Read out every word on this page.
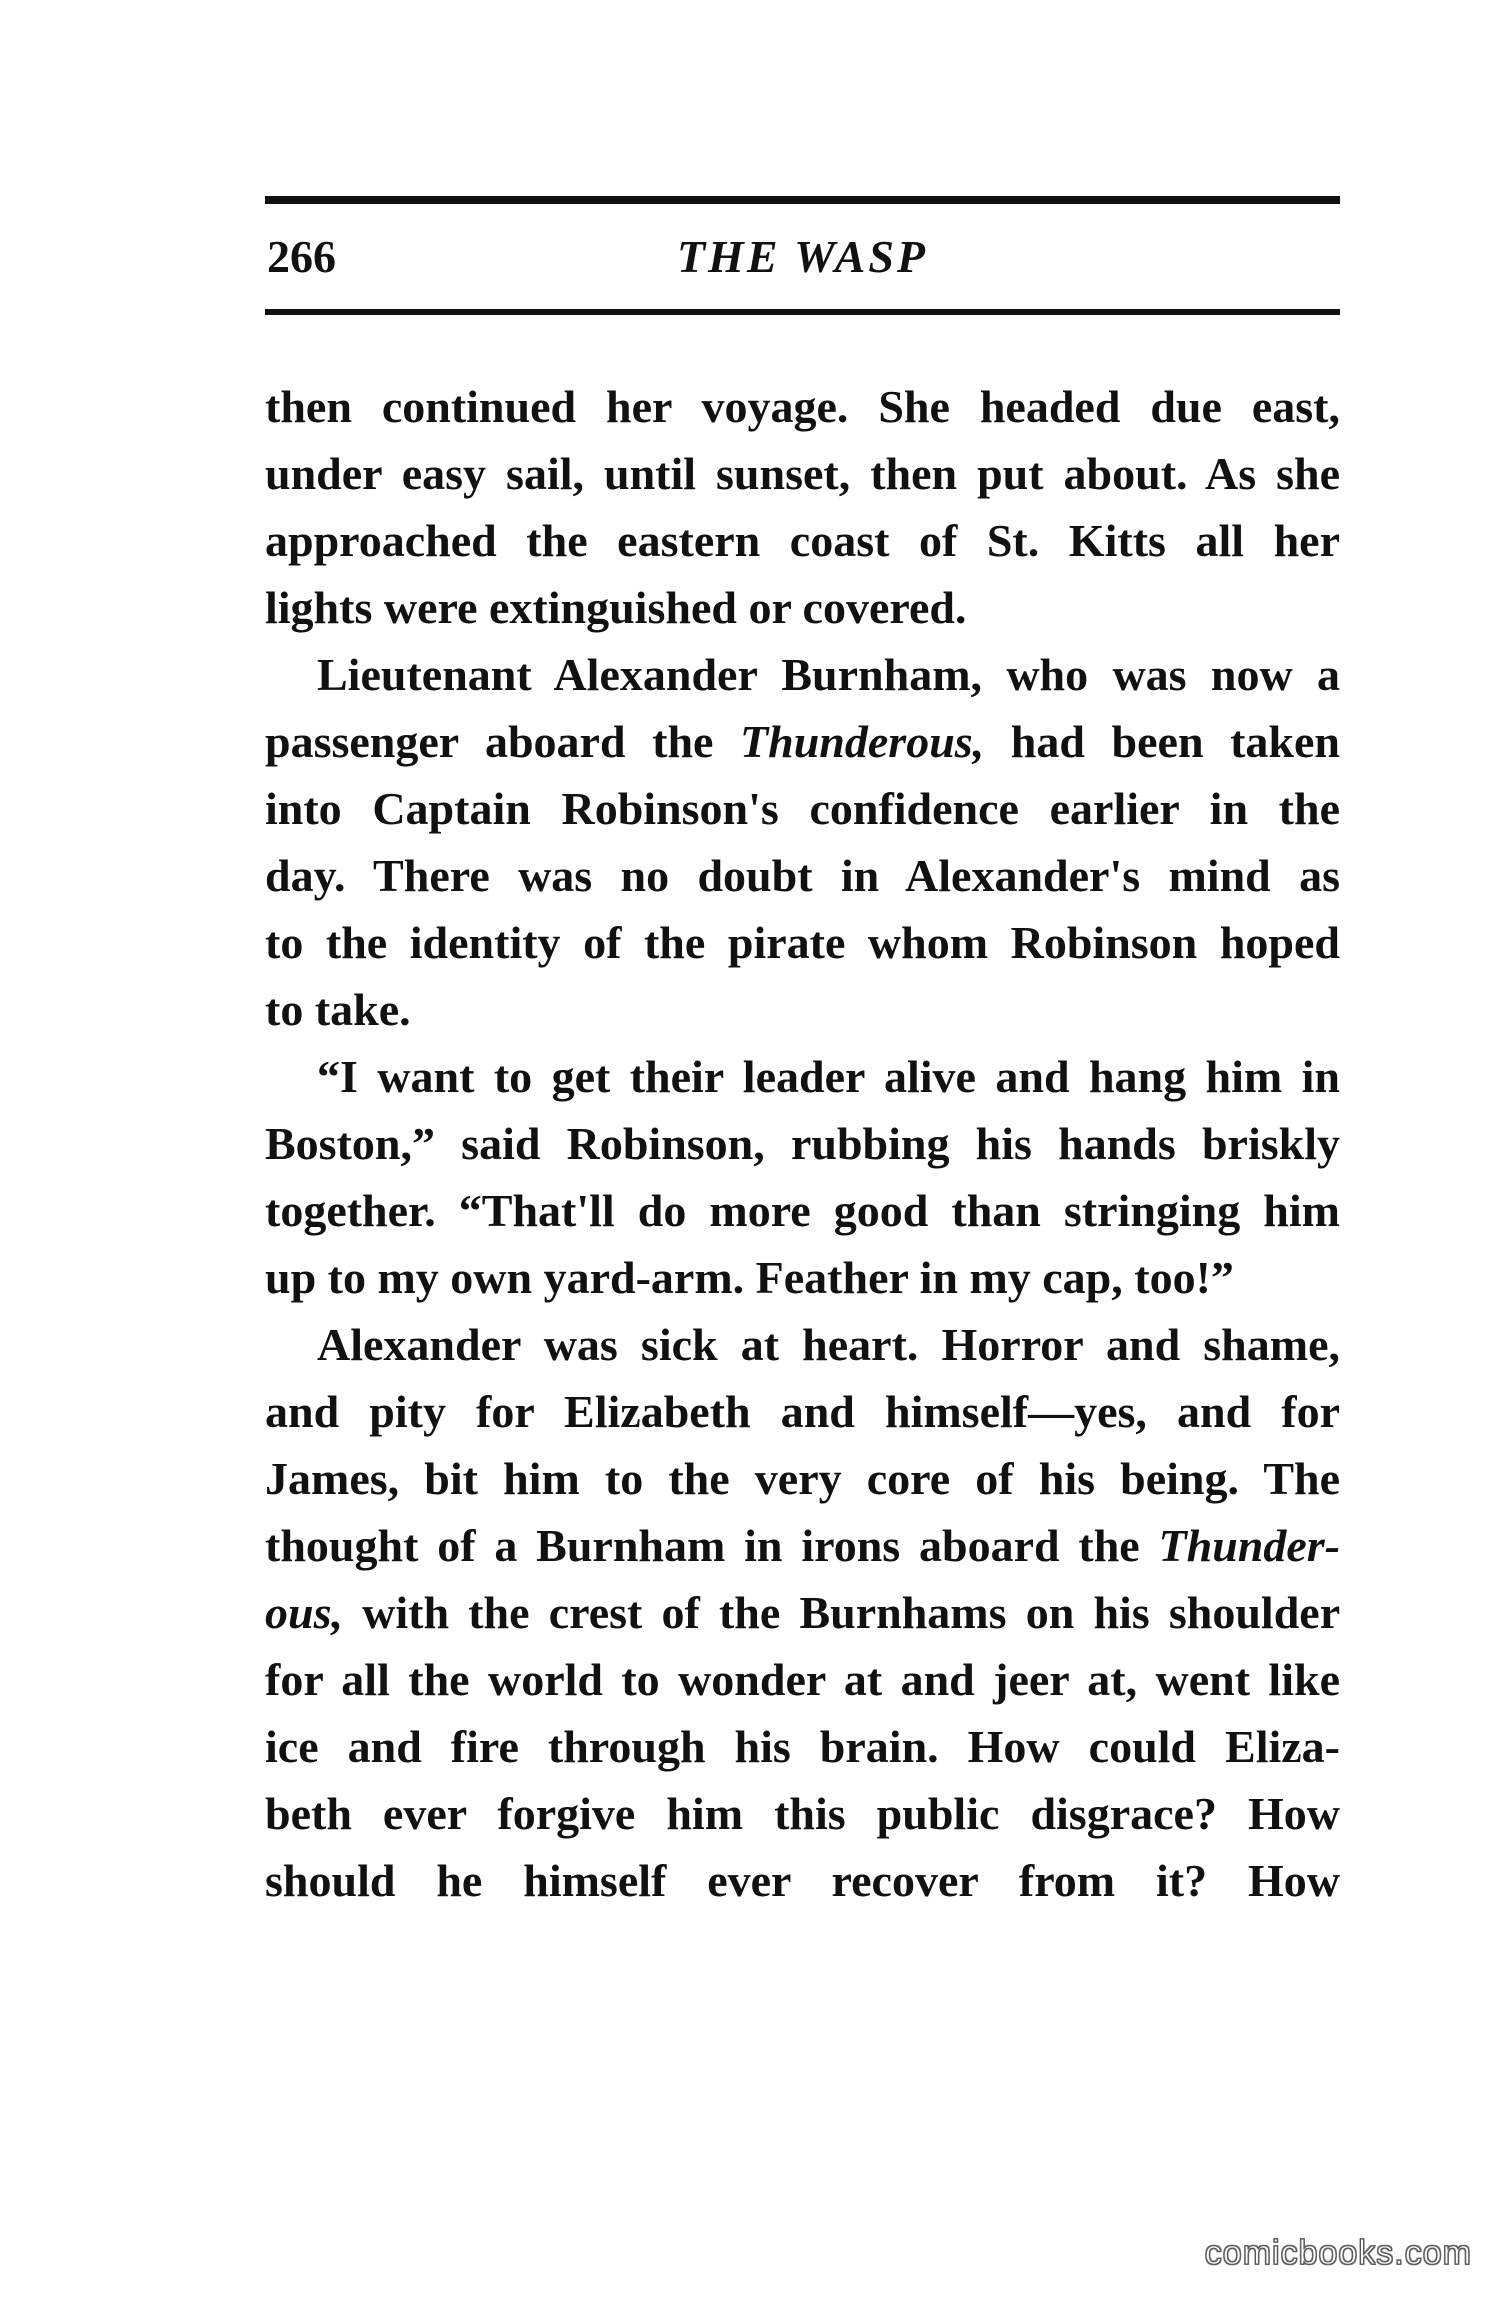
266	THE WASP
then continued her voyage. She headed due east,
under easy sail, until sunset, then put about. As she
approached the eastern coast of St. Kitts all her
lights were extinguished or covered.
Lieutenant Alexander Burnham, who was now a
passenger aboard the Thunderous, had been taken
into Captain Robinson's confidence earlier in the
day. There was no doubt in Alexander's mind as
to the identity of the pirate whom Robinson hoped
to take.
“I want to get their leader alive and hang him in
Boston,” said Robinson, rubbing his hands briskly
together. “That'll do more good than stringing him
up to my own yard-arm. Feather in my cap, too!”
Alexander was sick at heart. Horror and shame,
and pity for Elizabeth and himself—yes, and for
James, bit him to the very core of his being. The
thought of a Burnham in irons aboard the Thunder-
ous, with the crest of the Burnhams on his shoulder
for all the world to wonder at and jeer at, went like
ice and fire through his brain. How could Eliza-
beth ever forgive him this public disgrace? How
should he himself ever recover from it? How
comicbooks.com
